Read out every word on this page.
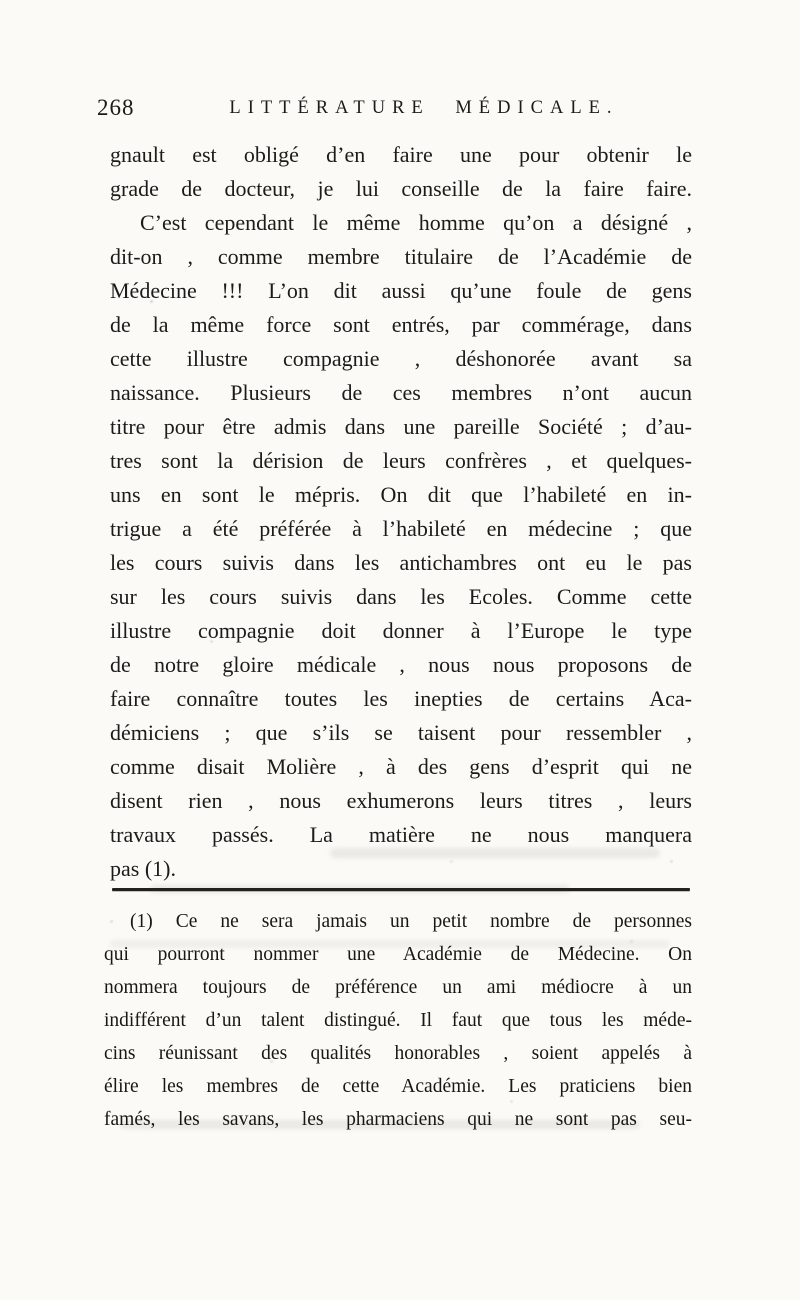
268	LITTÉRATURE MÉDICALE.
gnault est obligé d’en faire une pour obtenir le
grade de docteur, je lui conseille de la faire faire.
C’est cependant le même homme qu’on a désigné ,
dit-on , comme membre titulaire de l’Académie de
Médecine !!! L’on dit aussi qu’une foule de gens
de la même force sont entrés, par commérage, dans
cette illustre compagnie , déshonorée avant sa
naissance. Plusieurs de ces membres n’ont aucun
titre pour être admis dans une pareille Société ; d’au-
tres sont la dérision de leurs confrères , et quelques-
uns en sont le mépris. On dit que l’habileté en in-
trigue a été préférée à l’habileté en médecine ; que
les cours suivis dans les antichambres ont eu le pas
sur les cours suivis dans les Ecoles. Comme cette
illustre compagnie doit donner à l’Europe le type
de notre gloire médicale , nous nous proposons de
faire connaître toutes les inepties de certains Aca-
démiciens ; que s’ils se taisent pour ressembler ,
comme disait Molière , à des gens d’esprit qui ne
disent rien , nous exhumerons leurs titres , leurs
travaux passés. La matière ne nous manquera
pas (1).
(1) Ce ne sera jamais un petit nombre de personnes
qui pourront nommer une Académie de Médecine. On
nommera toujours de préférence un ami médiocre à un
indifférent d’un talent distingué. Il faut que tous les méde-
cins réunissant des qualités honorables , soient appelés à
élire les membres de cette Académie. Les praticiens bien
famés, les savans, les pharmaciens qui ne sont pas seu-
